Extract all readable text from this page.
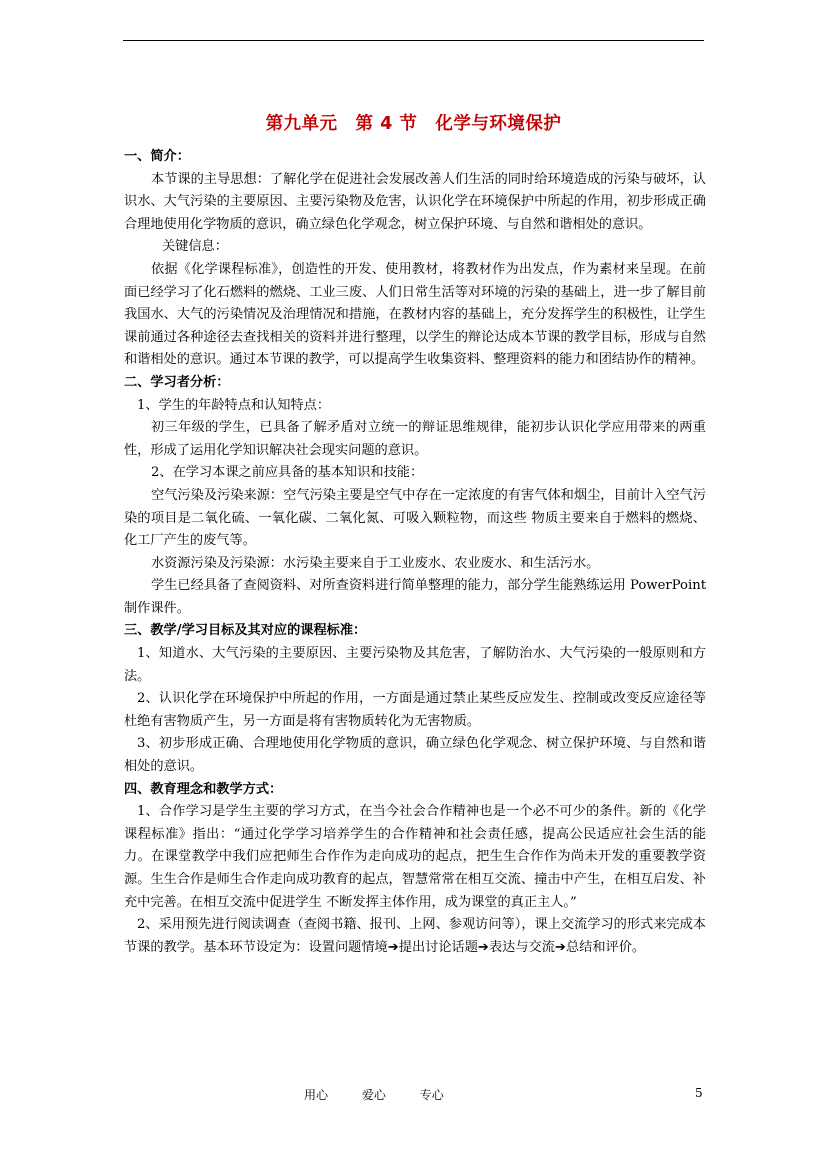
第九单元　第 4 节　化学与环境保护

一、简介：

本节课的主导思想：了解化学在促进社会发展改善人们生活的同时给环境造成的污染与破坏，认识水、大气污染的主要原因、主要污染物及危害，认识化学在环境保护中所起的作用，初步形成正确合理地使用化学物质的意识，确立绿色化学观念，树立保护环境、与自然和谐相处的意识。

关键信息：

依据《化学课程标准》，创造性的开发、使用教材，将教材作为出发点，作为素材来呈现。在前面已经学习了化石燃料的燃烧、工业三废、人们日常生活等对环境的污染的基础上，进一步了解目前我国水、大气的污染情况及治理情况和措施，在教材内容的基础上，充分发挥学生的积极性，让学生课前通过各种途径去查找相关的资料并进行整理，以学生的辩论达成本节课的教学目标，形成与自然和谐相处的意识。通过本节课的教学，可以提高学生收集资料、整理资料的能力和团结协作的精神。

二、学习者分析：

1、学生的年龄特点和认知特点：

初三年级的学生，已具备了解矛盾对立统一的辩证思维规律，能初步认识化学应用带来的两重性，形成了运用化学知识解决社会现实问题的意识。

2、在学习本课之前应具备的基本知识和技能：

空气污染及污染来源：空气污染主要是空气中存在一定浓度的有害气体和烟尘，目前计入空气污染的项目是二氧化硫、一氧化碳、二氧化氮、可吸入颗粒物，而这些 物质主要来自于燃料的燃烧、化工厂产生的废气等。

水资源污染及污染源：水污染主要来自于工业废水、农业废水、和生活污水。

学生已经具备了查阅资料、对所查资料进行简单整理的能力，部分学生能熟练运用 PowerPoint 制作课件。

三、教学/学习目标及其对应的课程标准：

1、知道水、大气污染的主要原因、主要污染物及其危害，了解防治水、大气污染的一般原则和方法。

2、认识化学在环境保护中所起的作用，一方面是通过禁止某些反应发生、控制或改变反应途径等杜绝有害物质产生，另一方面是将有害物质转化为无害物质。

3、初步形成正确、合理地使用化学物质的意识，确立绿色化学观念、树立保护环境、与自然和谐相处的意识。

四、教育理念和教学方式：

1、合作学习是学生主要的学习方式，在当今社会合作精神也是一个必不可少的条件。新的《化学课程标准》指出：“通过化学学习培养学生的合作精神和社会责任感，提高公民适应社会生活的能力。在课堂教学中我们应把师生合作作为走向成功的起点，把生生合作作为尚未开发的重要教学资源。生生合作是师生合作走向成功教育的起点，智慧常常在相互交流、撞击中产生，在相互启发、补充中完善。在相互交流中促进学生 不断发挥主体作用，成为课堂的真正主人。”

2、采用预先进行阅读调查（查阅书籍、报刊、上网、参观访问等），课上交流学习的形式来完成本节课的教学。基本环节设定为：设置问题情境➔提出讨论话题➔表达与交流➔总结和评价。

用心	爱心	专心	5
